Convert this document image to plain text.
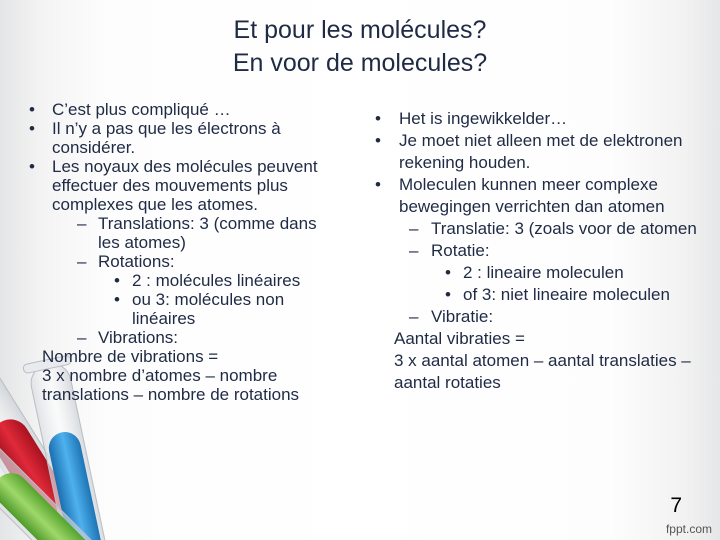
Et pour les molécules?
En voor de molecules?
• C’est plus compliqué …
• Il n’y a pas que les électrons à considérer.
• Les noyaux des molécules peuvent effectuer des mouvements plus complexes que les atomes.
– Translations: 3 (comme dans les atomes)
– Rotations:
• 2 : molécules linéaires
• ou 3: molécules non linéaires
– Vibrations:
Nombre de vibrations =
3 x nombre d’atomes – nombre translations – nombre de rotations
• Het is ingewikkelder…
• Je moet niet alleen met de elektronen rekening houden.
• Moleculen kunnen meer complexe bewegingen verrichten dan atomen
– Translatie: 3 (zoals voor de atomen
– Rotatie:
• 2 : lineaire moleculen
• of 3: niet lineaire moleculen
– Vibratie:
Aantal vibraties =
3 x aantal atomen – aantal translaties – aantal rotaties
7
fppt.com
